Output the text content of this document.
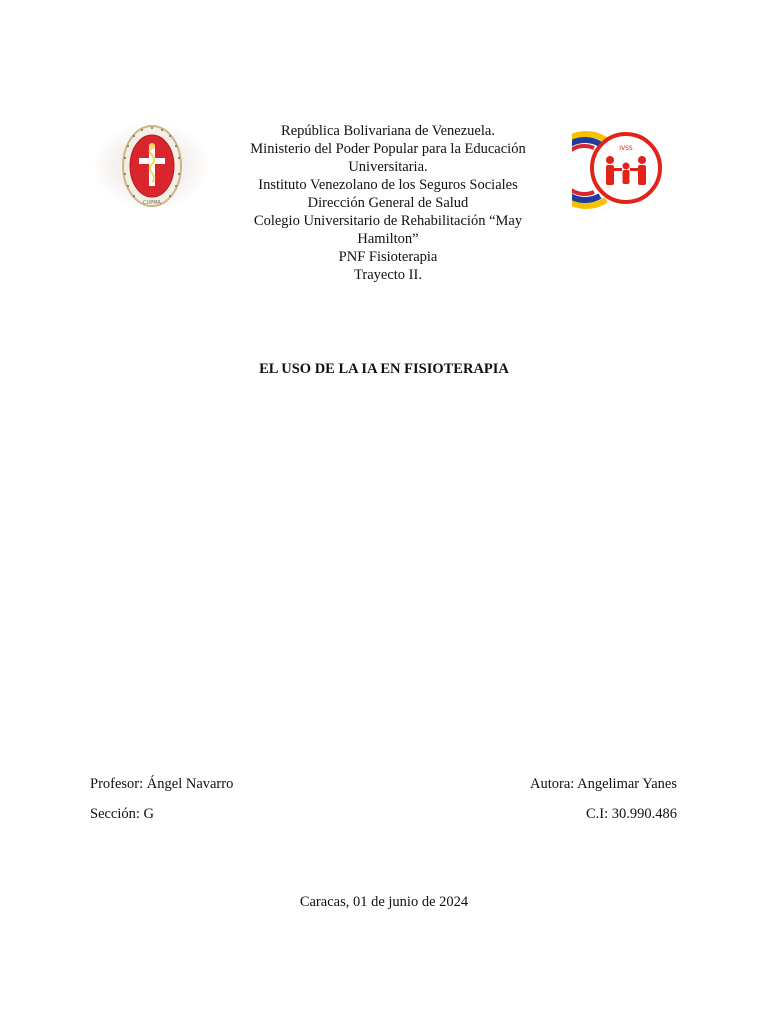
CUPMA
República Bolivariana de Venezuela.
Ministerio del Poder Popular para la Educación Universitaria.
Instituto Venezolano de los Seguros Sociales
Dirección General de Salud
Colegio Universitario de Rehabilitación “May Hamilton”
PNF Fisioterapia
Trayecto II.
IVSS
EL USO DE LA IA EN FISIOTERAPIA
Profesor: Ángel Navarro	Autora: Angelimar Yanes
Sección: G	C.I: 30.990.486
Caracas, 01 de junio de 2024
